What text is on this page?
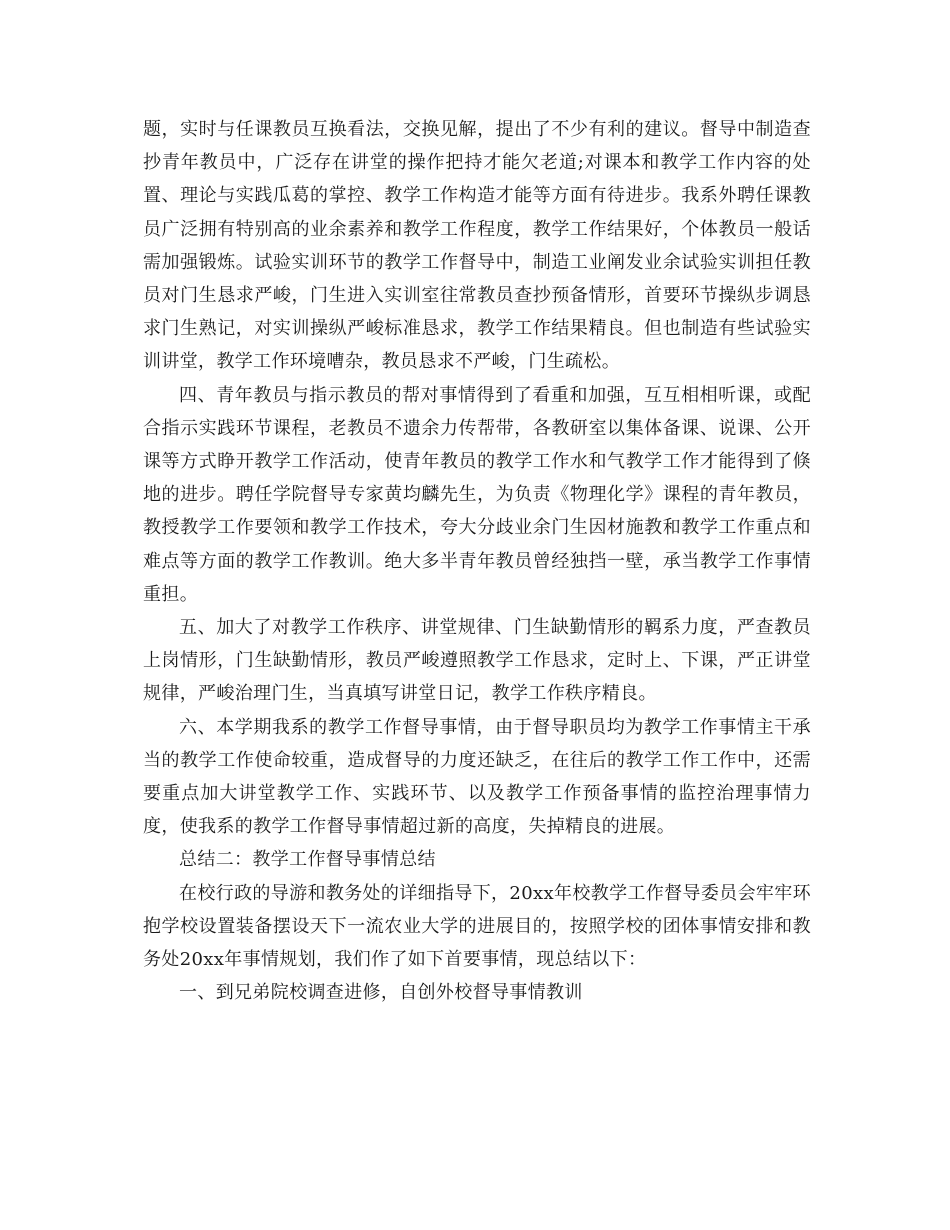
题，实时与任课教员互换看法，交换见解，提出了不少有利的建议。督导中制造查抄青年教员中，广泛存在讲堂的操作把持才能欠老道;对课本和教学工作内容的处置、理论与实践瓜葛的掌控、教学工作构造才能等方面有待进步。我系外聘任课教员广泛拥有特别高的业余素养和教学工作程度，教学工作结果好，个体教员一般话需加强锻炼。试验实训环节的教学工作督导中，制造工业阐发业余试验实训担任教员对门生恳求严峻，门生进入实训室往常教员查抄预备情形，首要环节操纵步调恳求门生熟记，对实训操纵严峻标准恳求，教学工作结果精良。但也制造有些试验实训讲堂，教学工作环境嘈杂，教员恳求不严峻，门生疏松。

四、青年教员与指示教员的帮对事情得到了看重和加强，互互相相听课，或配合指示实践环节课程，老教员不遗余力传帮带，各教研室以集体备课、说课、公开课等方式睁开教学工作活动，使青年教员的教学工作水和气教学工作才能得到了倏地的进步。聘任学院督导专家黄均麟先生，为负责《物理化学》课程的青年教员，教授教学工作要领和教学工作技术，夸大分歧业余门生因材施教和教学工作重点和难点等方面的教学工作教训。绝大多半青年教员曾经独挡一壁，承当教学工作事情重担。

五、加大了对教学工作秩序、讲堂规律、门生缺勤情形的羁系力度，严查教员上岗情形，门生缺勤情形，教员严峻遵照教学工作恳求，定时上、下课，严正讲堂规律，严峻治理门生，当真填写讲堂日记，教学工作秩序精良。

六、本学期我系的教学工作督导事情，由于督导职员均为教学工作事情主干承当的教学工作使命较重，造成督导的力度还缺乏，在往后的教学工作工作中，还需要重点加大讲堂教学工作、实践环节、以及教学工作预备事情的监控治理事情力度，使我系的教学工作督导事情超过新的高度，失掉精良的进展。

总结二：教学工作督导事情总结

在校行政的导游和教务处的详细指导下，20xx年校教学工作督导委员会牢牢环抱学校设置装备摆设天下一流农业大学的进展目的，按照学校的团体事情安排和教务处20xx年事情规划，我们作了如下首要事情，现总结以下：

一、到兄弟院校调查进修，自创外校督导事情教训
